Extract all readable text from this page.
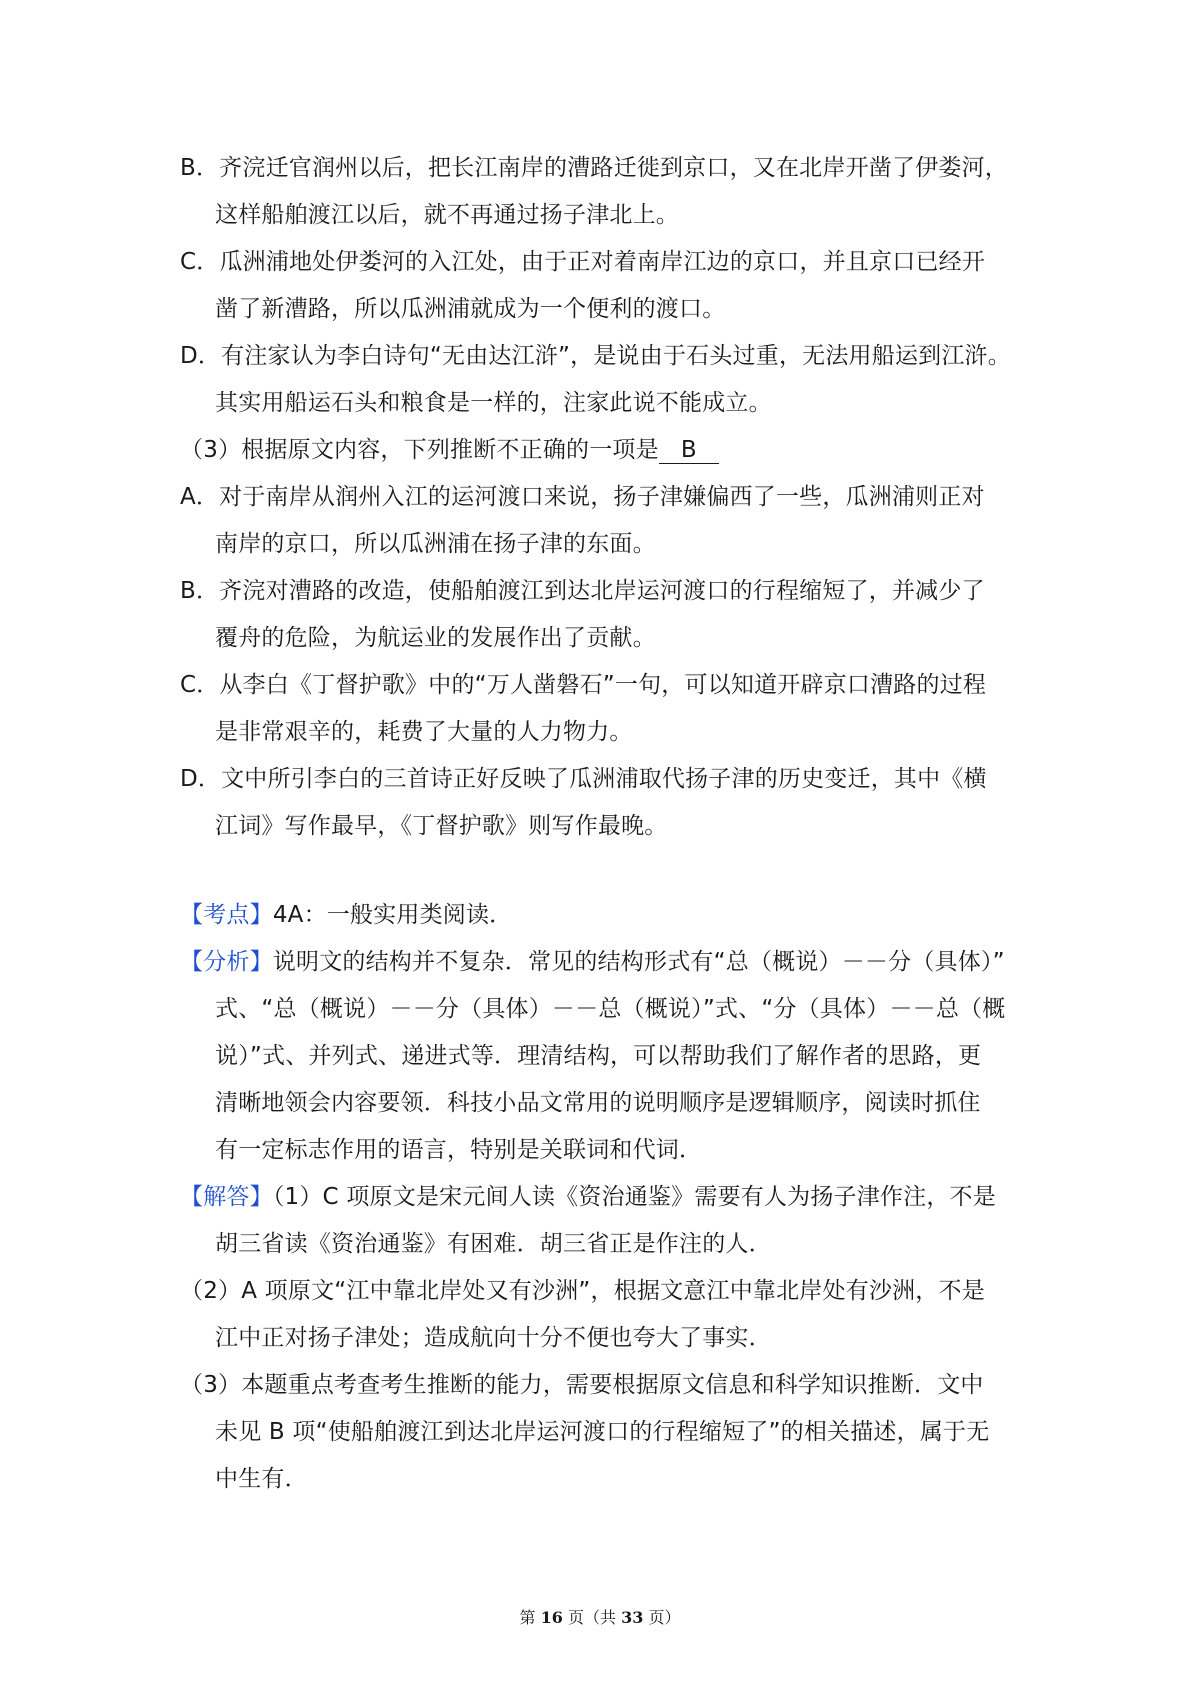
B．齐浣迁官润州以后，把长江南岸的漕路迁徙到京口，又在北岸开凿了伊娄河，
这样船舶渡江以后，就不再通过扬子津北上。
C．瓜洲浦地处伊娄河的入江处，由于正对着南岸江边的京口，并且京口已经开
凿了新漕路，所以瓜洲浦就成为一个便利的渡口。
D．有注家认为李白诗句“无由达江浒”，是说由于石头过重，无法用船运到江浒。
其实用船运石头和粮食是一样的，注家此说不能成立。
（3）根据原文内容，下列推断不正确的一项是 B
A．对于南岸从润州入江的运河渡口来说，扬子津嫌偏西了一些，瓜洲浦则正对
南岸的京口，所以瓜洲浦在扬子津的东面。
B．齐浣对漕路的改造，使船舶渡江到达北岸运河渡口的行程缩短了，并减少了
覆舟的危险，为航运业的发展作出了贡献。
C．从李白《丁督护歌》中的“万人凿磐石”一句，可以知道开辟京口漕路的过程
是非常艰辛的，耗费了大量的人力物力。
D．文中所引李白的三首诗正好反映了瓜洲浦取代扬子津的历史变迁，其中《横
江词》写作最早，《丁督护歌》则写作最晚。
【考点】4A：一般实用类阅读．
【分析】说明文的结构并不复杂．常见的结构形式有“总（概说）－－分（具体）”
式、“总（概说）－－分（具体）－－总（概说）”式、“分（具体）－－总（概
说）”式、并列式、递进式等．理清结构，可以帮助我们了解作者的思路，更
清晰地领会内容要领．科技小品文常用的说明顺序是逻辑顺序，阅读时抓住
有一定标志作用的语言，特别是关联词和代词．
【解答】（1）C 项原文是宋元间人读《资治通鉴》需要有人为扬子津作注，不是
胡三省读《资治通鉴》有困难．胡三省正是作注的人．
（2）A 项原文“江中靠北岸处又有沙洲”，根据文意江中靠北岸处有沙洲，不是
江中正对扬子津处；造成航向十分不便也夸大了事实．
（3）本题重点考查考生推断的能力，需要根据原文信息和科学知识推断．文中
未见 B 项“使船舶渡江到达北岸运河渡口的行程缩短了”的相关描述，属于无
中生有．
第 16 页（共 33 页）
